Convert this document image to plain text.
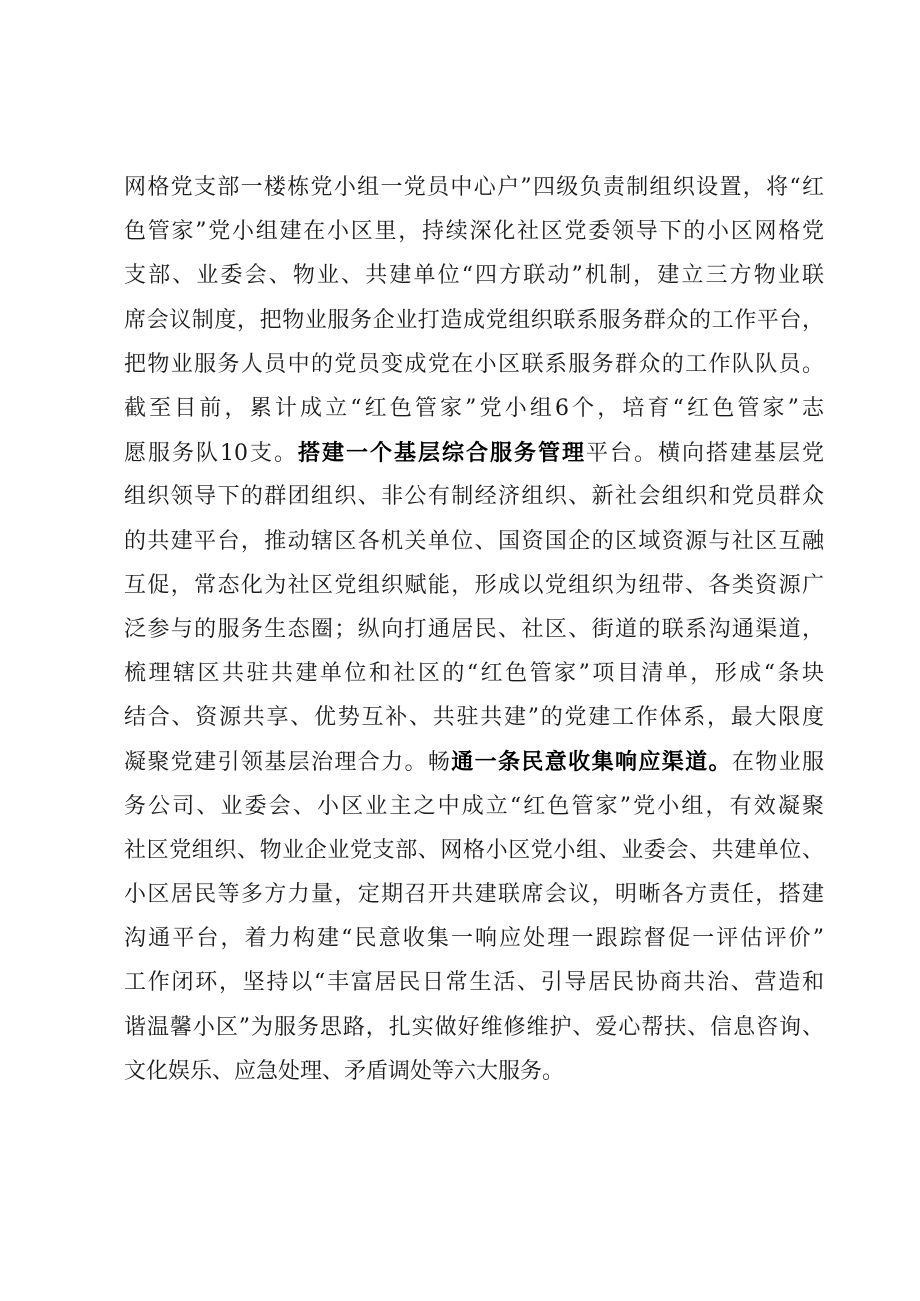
网格党支部一楼栋党小组一党员中心户”四级负责制组织设置，将“红
色管家”党小组建在小区里，持续深化社区党委领导下的小区网格党
支部、业委会、物业、共建单位“四方联动”机制，建立三方物业联
席会议制度，把物业服务企业打造成党组织联系服务群众的工作平台，
把物业服务人员中的党员变成党在小区联系服务群众的工作队队员。
截至目前，累计成立“红色管家”党小组6个，培育“红色管家”志
愿服务队10支。搭建一个基层综合服务管理平台。横向搭建基层党
组织领导下的群团组织、非公有制经济组织、新社会组织和党员群众
的共建平台，推动辖区各机关单位、国资国企的区域资源与社区互融
互促，常态化为社区党组织赋能，形成以党组织为纽带、各类资源广
泛参与的服务生态圈；纵向打通居民、社区、街道的联系沟通渠道，
梳理辖区共驻共建单位和社区的“红色管家”项目清单，形成“条块
结合、资源共享、优势互补、共驻共建”的党建工作体系，最大限度
凝聚党建引领基层治理合力。畅通一条民意收集响应渠道。在物业服
务公司、业委会、小区业主之中成立“红色管家”党小组，有效凝聚
社区党组织、物业企业党支部、网格小区党小组、业委会、共建单位、
小区居民等多方力量，定期召开共建联席会议，明晰各方责任，搭建
沟通平台，着力构建“民意收集一响应处理一跟踪督促一评估评价”
工作闭环，坚持以“丰富居民日常生活、引导居民协商共治、营造和
谐温馨小区”为服务思路，扎实做好维修维护、爱心帮扶、信息咨询、
文化娱乐、应急处理、矛盾调处等六大服务。
